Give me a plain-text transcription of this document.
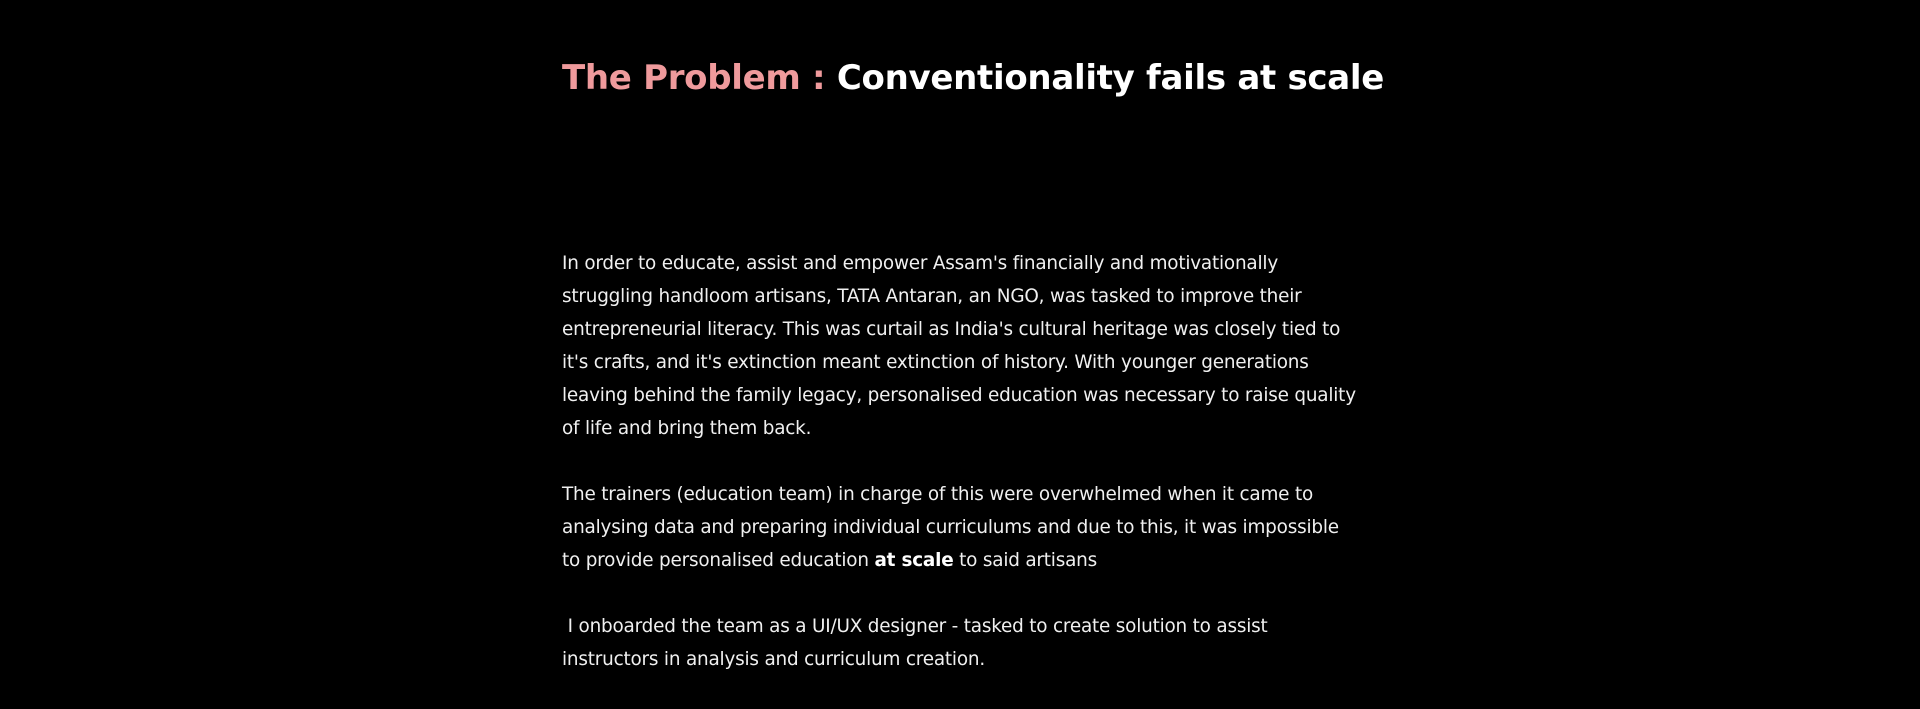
The Problem : Conventionality fails at scale

In order to educate, assist and empower Assam's financially and motivationally struggling handloom artisans, TATA Antaran, an NGO, was tasked to improve their entrepreneurial literacy. This was curtail as India's cultural heritage was closely tied to it's crafts, and it's extinction meant extinction of history. With younger generations leaving behind the family legacy, personalised education was necessary to raise quality of life and bring them back.

The trainers (education team) in charge of this were overwhelmed when it came to analysing data and preparing individual curriculums and due to this, it was impossible to provide personalised education at scale to said artisans

I onboarded the team as a UI/UX designer - tasked to create solution to assist instructors in analysis and curriculum creation.
